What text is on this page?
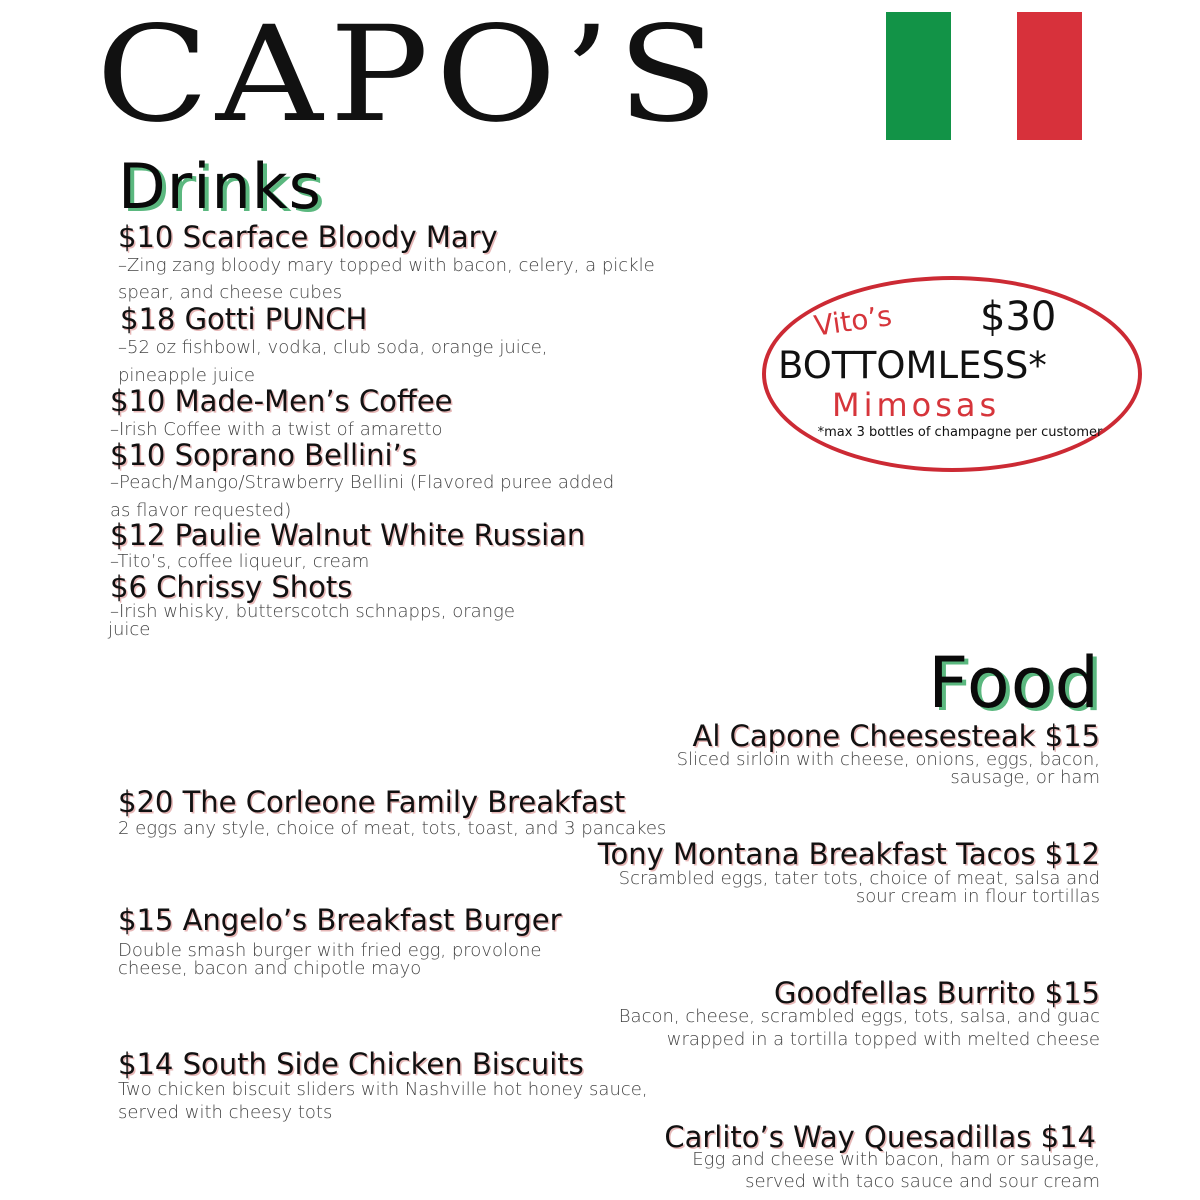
CAPO’S
Drinks
$10 Scarface Bloody Mary
–Zing zang bloody mary topped with bacon, celery, a pickle
spear, and cheese cubes
$18 Gotti PUNCH
–52 oz fishbowl, vodka, club soda, orange juice,
pineapple juice
$10 Made-Men’s Coffee
–Irish Coffee with a twist of amaretto
$10 Soprano Bellini’s
–Peach/Mango/Strawberry Bellini (Flavored puree added
as flavor requested)
$12 Paulie Walnut White Russian
–Tito’s, coffee liqueur, cream
$6 Chrissy Shots
–Irish whisky, butterscotch schnapps, orange
juice
Vito’s $30
BOTTOMLESS*
Mimosas
*max 3 bottles of champagne per customer
Food
Al Capone Cheesesteak $15
Sliced sirloin with cheese, onions, eggs, bacon,
sausage, or ham
$20 The Corleone Family Breakfast
2 eggs any style, choice of meat, tots, toast, and 3 pancakes
Tony Montana Breakfast Tacos $12
Scrambled eggs, tater tots, choice of meat, salsa and
sour cream in flour tortillas
$15 Angelo’s Breakfast Burger
Double smash burger with fried egg, provolone
cheese, bacon and chipotle mayo
Goodfellas Burrito $15
Bacon, cheese, scrambled eggs, tots, salsa, and guac
wrapped in a tortilla topped with melted cheese
$14 South Side Chicken Biscuits
Two chicken biscuit sliders with Nashville hot honey sauce,
served with cheesy tots
Carlito’s Way Quesadillas $14
Egg and cheese with bacon, ham or sausage,
served with taco sauce and sour cream
